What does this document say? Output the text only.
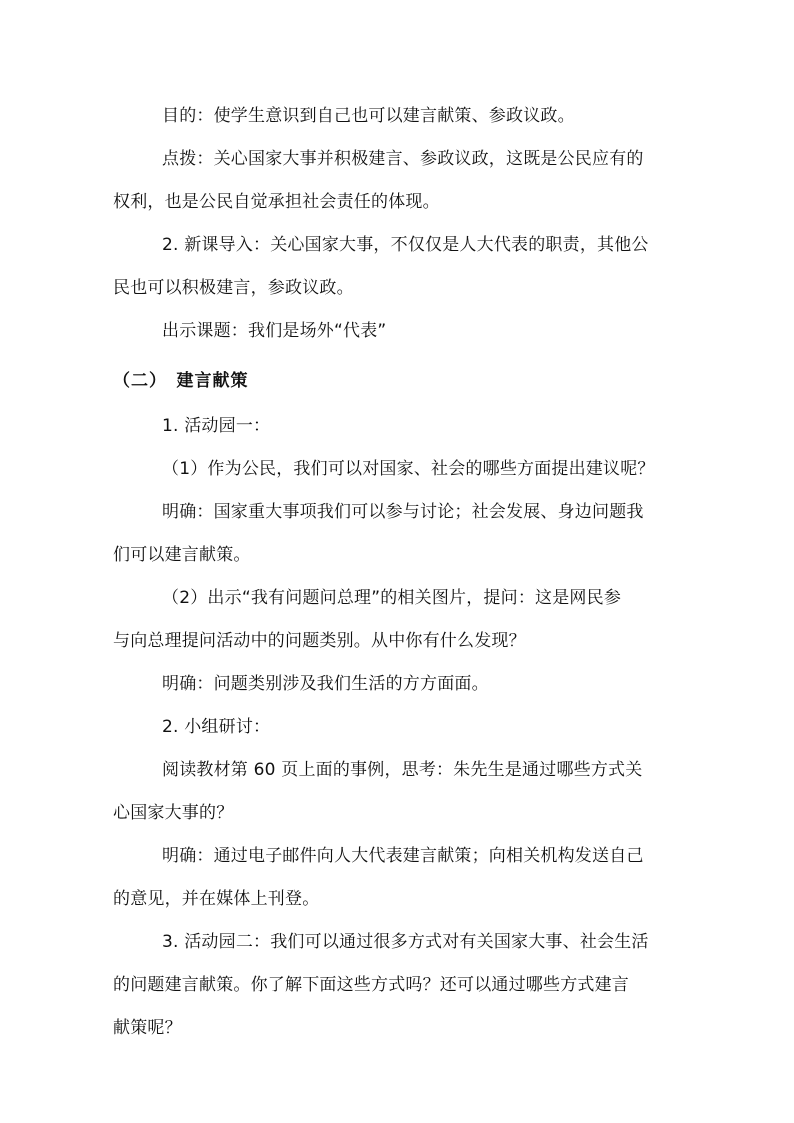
目的：使学生意识到自己也可以建言献策、参政议政。
点拨：关心国家大事并积极建言、参政议政，这既是公民应有的
权利，也是公民自觉承担社会责任的体现。
2. 新课导入：关心国家大事，不仅仅是人大代表的职责，其他公
民也可以积极建言，参政议政。
出示课题：我们是场外“代表”
（二）　建言献策
1. 活动园一：
（1）作为公民，我们可以对国家、社会的哪些方面提出建议呢？
明确：国家重大事项我们可以参与讨论；社会发展、身边问题我
们可以建言献策。
（2）出示“我有问题问总理”的相关图片，提问：这是网民参
与向总理提问活动中的问题类别。从中你有什么发现？
明确：问题类别涉及我们生活的方方面面。
2. 小组研讨：
阅读教材第 60 页上面的事例，思考：朱先生是通过哪些方式关
心国家大事的？
明确：通过电子邮件向人大代表建言献策；向相关机构发送自己
的意见，并在媒体上刊登。
3. 活动园二：我们可以通过很多方式对有关国家大事、社会生活
的问题建言献策。你了解下面这些方式吗？还可以通过哪些方式建言
献策呢？
